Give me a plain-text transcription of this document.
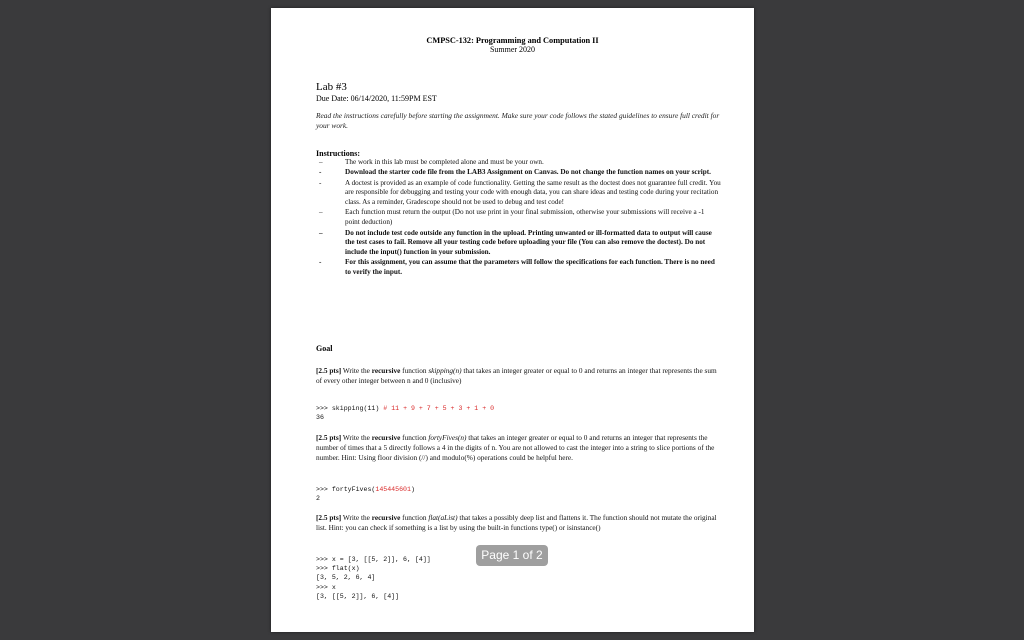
CMPSC-132: Programming and Computation II
Summer 2020
Lab #3
Due Date: 06/14/2020, 11:59PM EST
Read the instructions carefully before starting the assignment. Make sure your code follows the stated guidelines to ensure full credit for your work.
Instructions:
–	The work in this lab must be completed alone and must be your own.
-	Download the starter code file from the LAB3 Assignment on Canvas. Do not change the function names on your script.
-	A doctest is provided as an example of code functionality. Getting the same result as the doctest does not guarantee full credit. You are responsible for debugging and testing your code with enough data, you can share ideas and testing code during your recitation class. As a reminder, Gradescope should not be used to debug and test code!
–	Each function must return the output (Do not use print in your final submission, otherwise your submissions will receive a -1 point deduction)
–	Do not include test code outside any function in the upload. Printing unwanted or ill-formatted data to output will cause the test cases to fail. Remove all your testing code before uploading your file (You can also remove the doctest). Do not include the input() function in your submission.
-	For this assignment, you can assume that the parameters will follow the specifications for each function. There is no need to verify the input.
Goal
[2.5 pts] Write the recursive function skipping(n) that takes an integer greater or equal to 0 and returns an integer that represents the sum of every other integer between n and 0 (inclusive)
>>> skipping(11) # 11 + 9 + 7 + 5 + 3 + 1 + 0
36
[2.5 pts] Write the recursive function fortyFives(n) that takes an integer greater or equal to 0 and returns an integer that represents the number of times that a 5 directly follows a 4 in the digits of n. You are not allowed to cast the integer into a string to slice portions of the number. Hint: Using floor division (//) and modulo(%) operations could be helpful here.
>>> fortyFives(145445601)
2
[2.5 pts] Write the recursive function flat(aList) that takes a possibly deep list and flattens it. The function should not mutate the original list. Hint: you can check if something is a list by using the built-in functions type() or isinstance()
>>> x = [3, [[5, 2]], 6, [4]]
>>> flat(x)
[3, 5, 2, 6, 4]
>>> x
[3, [[5, 2]], 6, [4]]
Page 1 of 2
